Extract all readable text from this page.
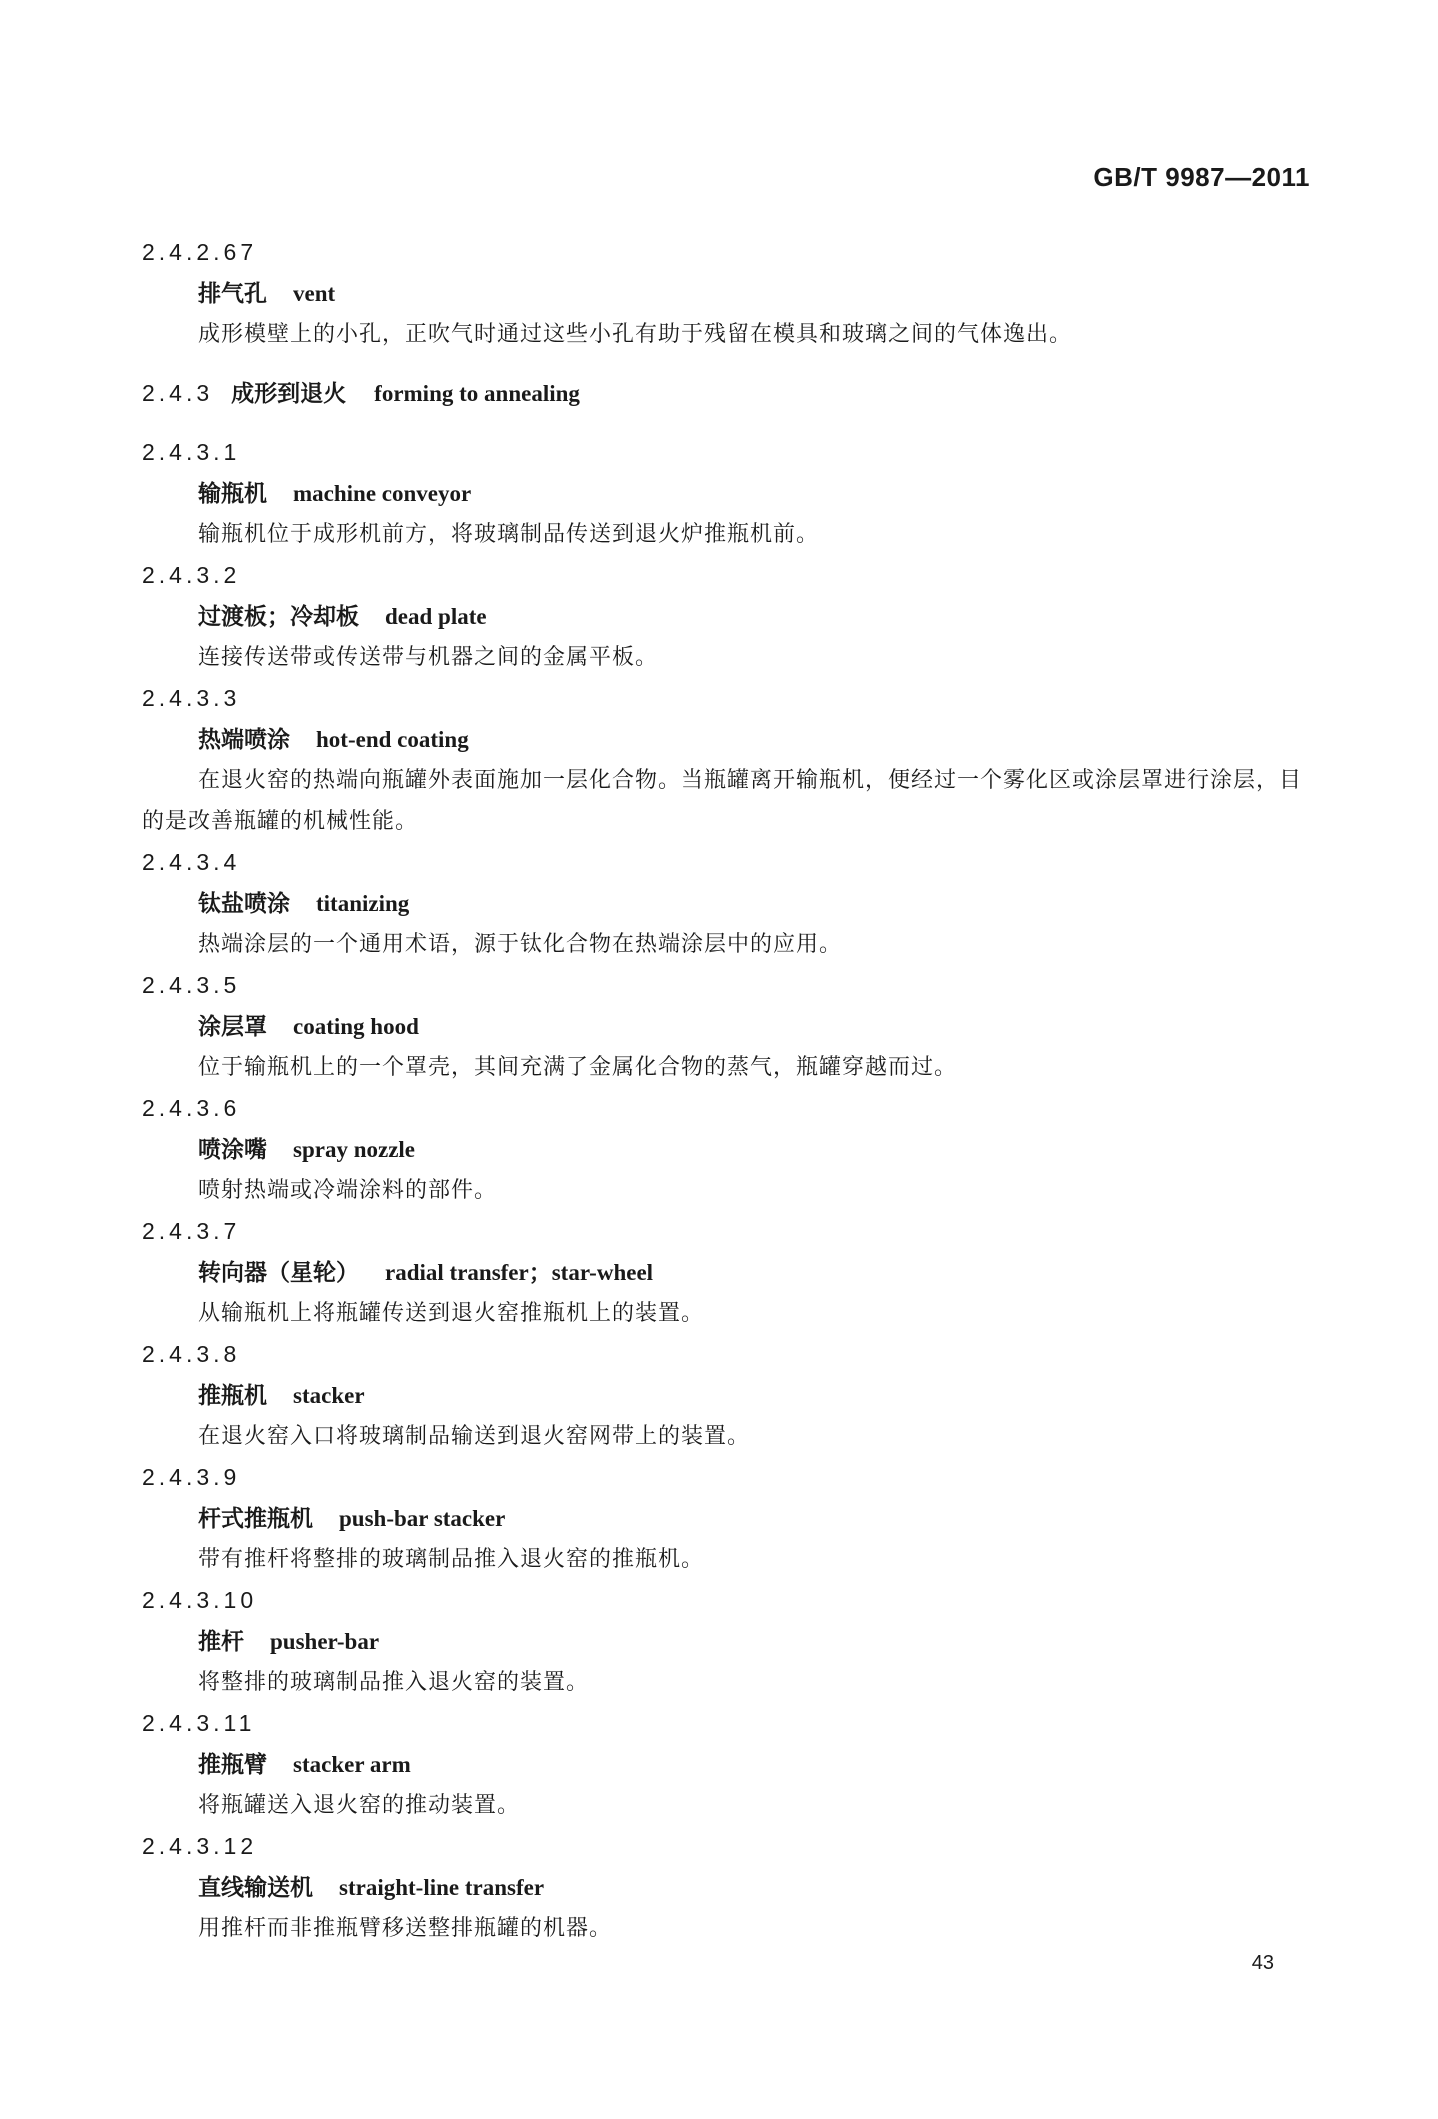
GB/T 9987—2011
2.4.2.67
排气孔 vent
成形模壁上的小孔，正吹气时通过这些小孔有助于残留在模具和玻璃之间的气体逸出。
2.4.3 成形到退火 forming to annealing
2.4.3.1
输瓶机 machine conveyor
输瓶机位于成形机前方，将玻璃制品传送到退火炉推瓶机前。
2.4.3.2
过渡板；冷却板 dead plate
连接传送带或传送带与机器之间的金属平板。
2.4.3.3
热端喷涂 hot-end coating
在退火窑的热端向瓶罐外表面施加一层化合物。当瓶罐离开输瓶机，便经过一个雾化区或涂层罩进行涂层，目的是改善瓶罐的机械性能。
2.4.3.4
钛盐喷涂 titanizing
热端涂层的一个通用术语，源于钛化合物在热端涂层中的应用。
2.4.3.5
涂层罩 coating hood
位于输瓶机上的一个罩壳，其间充满了金属化合物的蒸气，瓶罐穿越而过。
2.4.3.6
喷涂嘴 spray nozzle
喷射热端或冷端涂料的部件。
2.4.3.7
转向器（星轮） radial transfer；star-wheel
从输瓶机上将瓶罐传送到退火窑推瓶机上的装置。
2.4.3.8
推瓶机 stacker
在退火窑入口将玻璃制品输送到退火窑网带上的装置。
2.4.3.9
杆式推瓶机 push-bar stacker
带有推杆将整排的玻璃制品推入退火窑的推瓶机。
2.4.3.10
推杆 pusher-bar
将整排的玻璃制品推入退火窑的装置。
2.4.3.11
推瓶臂 stacker arm
将瓶罐送入退火窑的推动装置。
2.4.3.12
直线输送机 straight-line transfer
用推杆而非推瓶臂移送整排瓶罐的机器。
43
